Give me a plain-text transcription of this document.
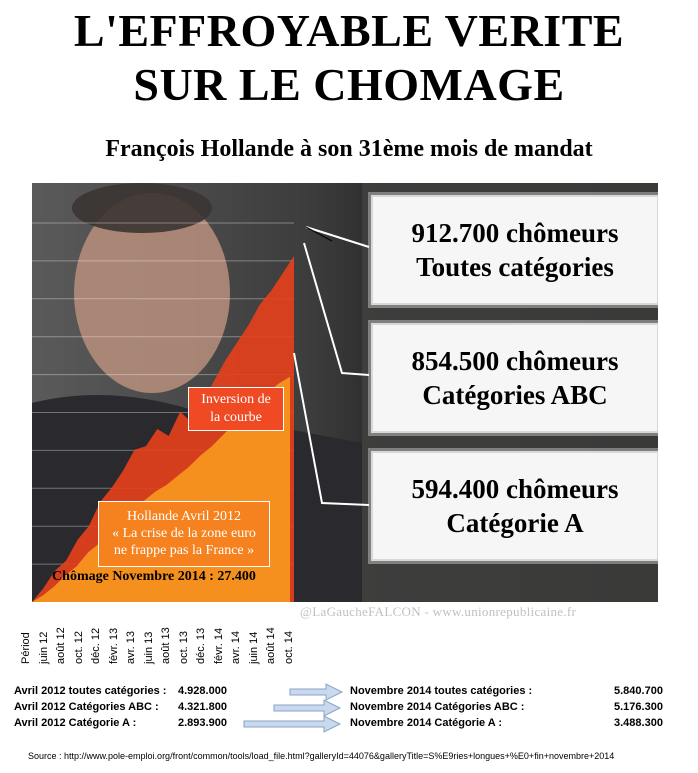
L'EFFROYABLE VERITE
SUR LE CHOMAGE
François Hollande à son 31ème mois de mandat
912.700 chômeurs
Toutes catégories
854.500 chômeurs
Catégories ABC
594.400 chômeurs
Catégorie A
Inversion de
la courbe
Hollande Avril 2012
« La crise de la zone euro
ne frappe pas la France »
Chômage Novembre 2014 : 27.400
@LaGaucheFALCON - www.unionrepublicaine.fr
Périod juin 12 août 12 oct. 12 déc. 12 févr. 13 avr. 13 juin 13 août 13 oct. 13 déc. 13 févr. 14 avr. 14 juin 14 août 14 oct. 14
Avril 2012 toutes catégories : 4.928.000
Avril 2012 Catégories ABC : 4.321.800
Avril 2012 Catégorie A :	2.893.900
Novembre 2014 toutes catégories :	5.840.700
Novembre 2014 Catégories ABC :	5.176.300
Novembre 2014 Catégorie A :	3.488.300
Source : http://www.pole-emploi.org/front/common/tools/load_file.html?galleryId=44076&galleryTitle=S%E9ries+longues+%E0+fin+novembre+2014
